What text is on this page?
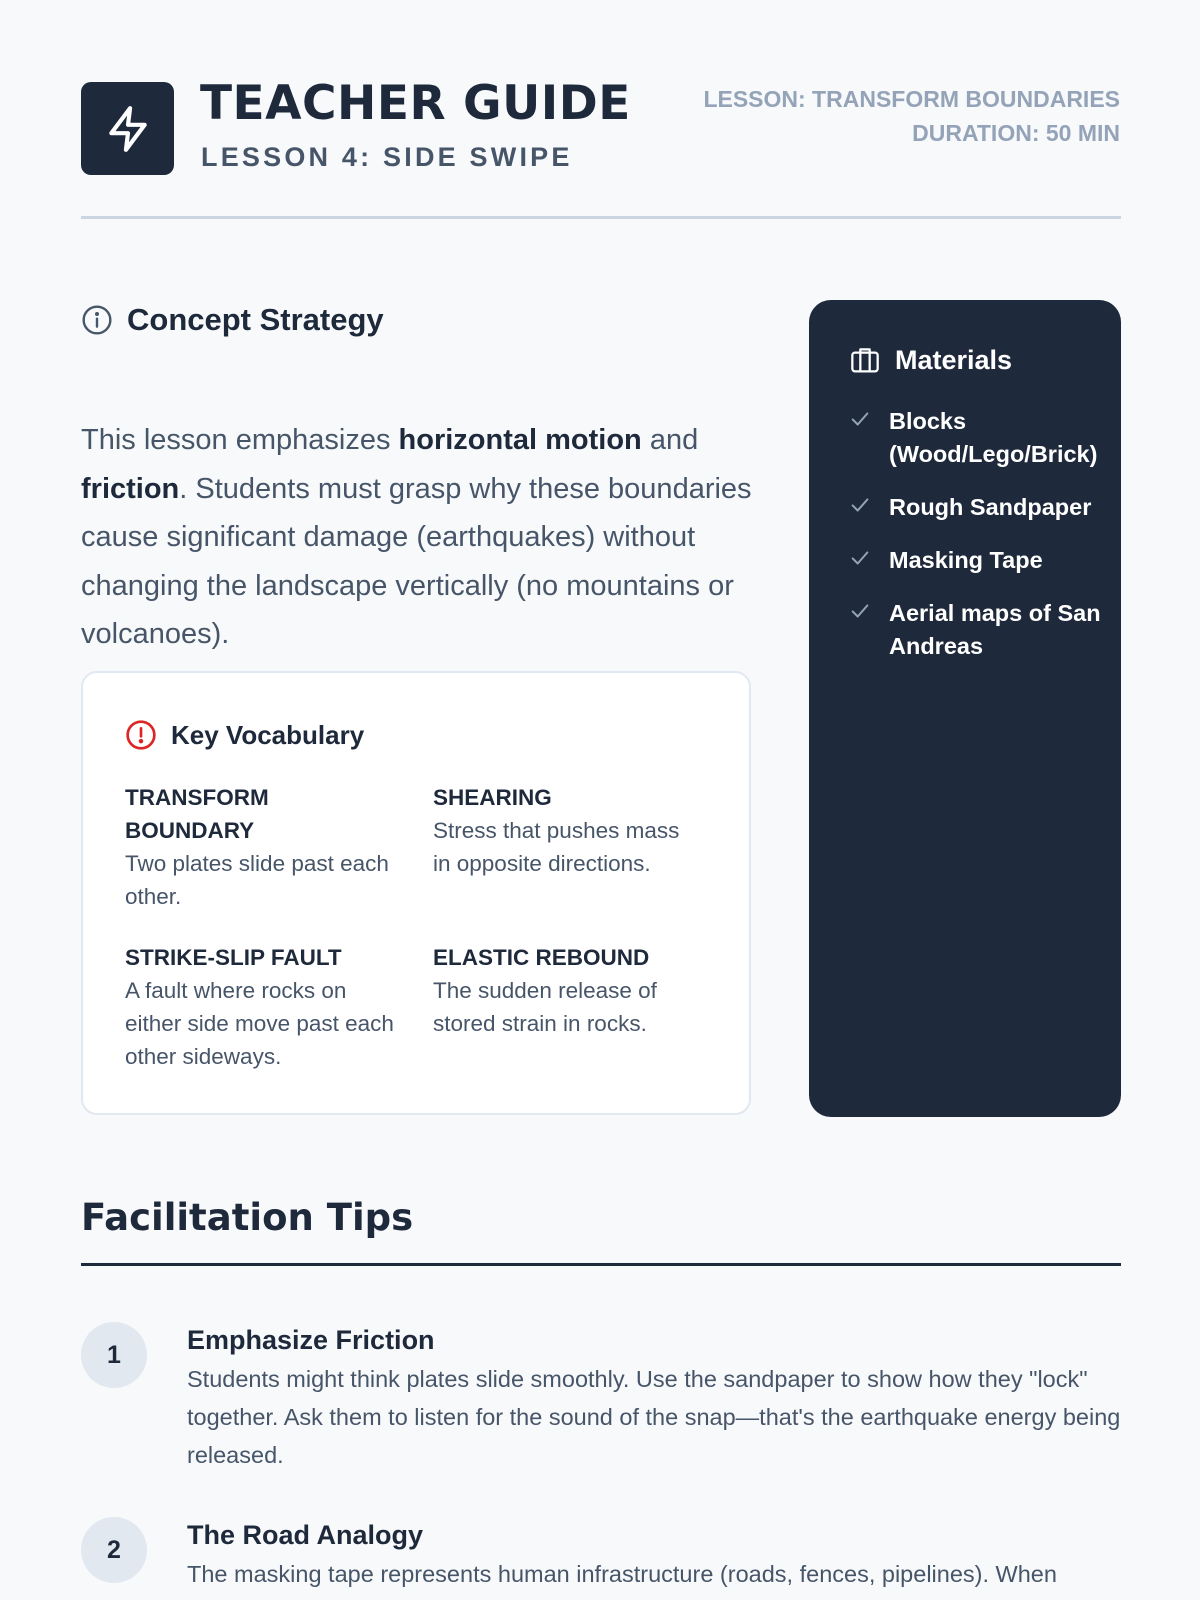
TEACHER GUIDE
LESSON 4: SIDE SWIPE
LESSON: TRANSFORM BOUNDARIES
DURATION: 50 MIN
Concept Strategy

This lesson emphasizes horizontal motion and friction. Students must grasp why these boundaries cause significant damage (earthquakes) without changing the landscape vertically (no mountains or volcanoes).

Key Vocabulary
TRANSFORM BOUNDARY
Two plates slide past each other.
SHEARING
Stress that pushes mass in opposite directions.
STRIKE-SLIP FAULT
A fault where rocks on either side move past each other sideways.
ELASTIC REBOUND
The sudden release of stored strain in rocks.
Materials
Blocks (Wood/Lego/Brick)
Rough Sandpaper
Masking Tape
Aerial maps of San Andreas
Facilitation Tips
1	Emphasize Friction
Students might think plates slide smoothly. Use the sandpaper to show how they "lock" together. Ask them to listen for the sound of the snap—that's the earthquake energy being released.
2	The Road Analogy
The masking tape represents human infrastructure (roads, fences, pipelines). When
